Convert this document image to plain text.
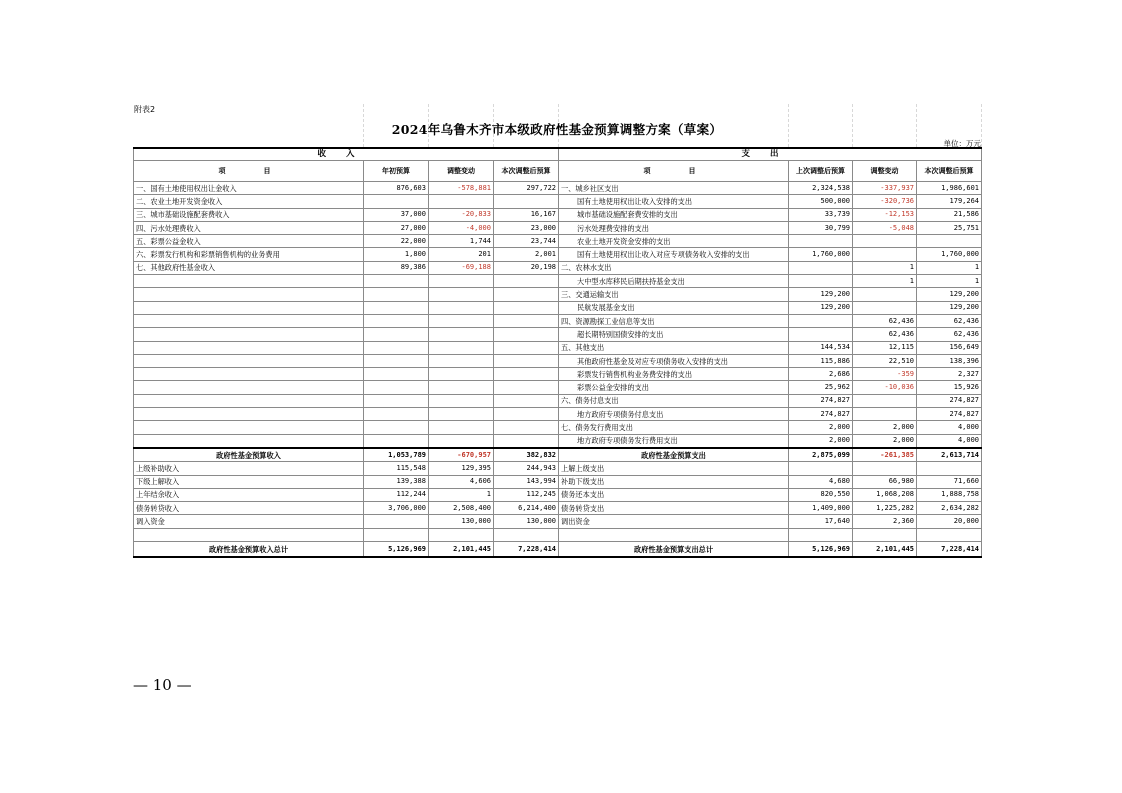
附表2
2024年乌鲁木齐市本级政府性基金预算调整方案（草案）
单位：万元
收入				支出			
项　　目	年初预算	调整变动	本次调整后预算	项　　目	上次调整后预算	调整变动	本次调整后预算
一、国有土地使用权出让金收入	876,603	-578,881	297,722	一、城乡社区支出	2,324,538	-337,937	1,986,601
二、农业土地开发资金收入				国有土地使用权出让收入安排的支出	500,000	-320,736	179,264
三、城市基础设施配套费收入	37,000	-20,833	16,167	城市基础设施配套费安排的支出	33,739	-12,153	21,586
四、污水处理费收入	27,000	-4,000	23,000	污水处理费安排的支出	30,799	-5,048	25,751
五、彩票公益金收入	22,000	1,744	23,744	农业土地开发资金安排的支出			
六、彩票发行机构和彩票销售机构的业务费用	1,800	201	2,001	国有土地使用权出让收入对应专项债务收入安排的支出	1,760,000		1,760,000
七、其他政府性基金收入	89,386	-69,188	20,198	二、农林水支出		1	1
				大中型水库移民后期扶持基金支出		1	1
				三、交通运输支出	129,200		129,200
				民航发展基金支出	129,200		129,200
				四、资源勘探工业信息等支出		62,436	62,436
				超长期特别国债安排的支出		62,436	62,436
				五、其他支出	144,534	12,115	156,649
				其他政府性基金及对应专项债务收入安排的支出	115,886	22,510	138,396
				彩票发行销售机构业务费安排的支出	2,686	-359	2,327
				彩票公益金安排的支出	25,962	-10,036	15,926
				六、债务付息支出	274,827		274,827
				地方政府专项债务付息支出	274,827		274,827
				七、债务发行费用支出	2,000	2,000	4,000
				地方政府专项债务发行费用支出	2,000	2,000	4,000
政府性基金预算收入	1,053,789	-670,957	382,832	政府性基金预算支出	2,875,099	-261,385	2,613,714
上级补助收入	115,548	129,395	244,943	上解上级支出			
下级上解收入	139,388	4,606	143,994	补助下级支出	4,680	66,980	71,660
上年结余收入	112,244	1	112,245	债务还本支出	820,550	1,068,208	1,888,758
债务转贷收入	3,706,000	2,508,400	6,214,400	债务转贷支出	1,409,000	1,225,282	2,634,282
调入资金		130,000	130,000	调出资金	17,640	2,360	20,000

政府性基金预算收入总计	5,126,969	2,101,445	7,228,414	政府性基金预算支出总计	5,126,969	2,101,445	7,228,414
— 10 —
